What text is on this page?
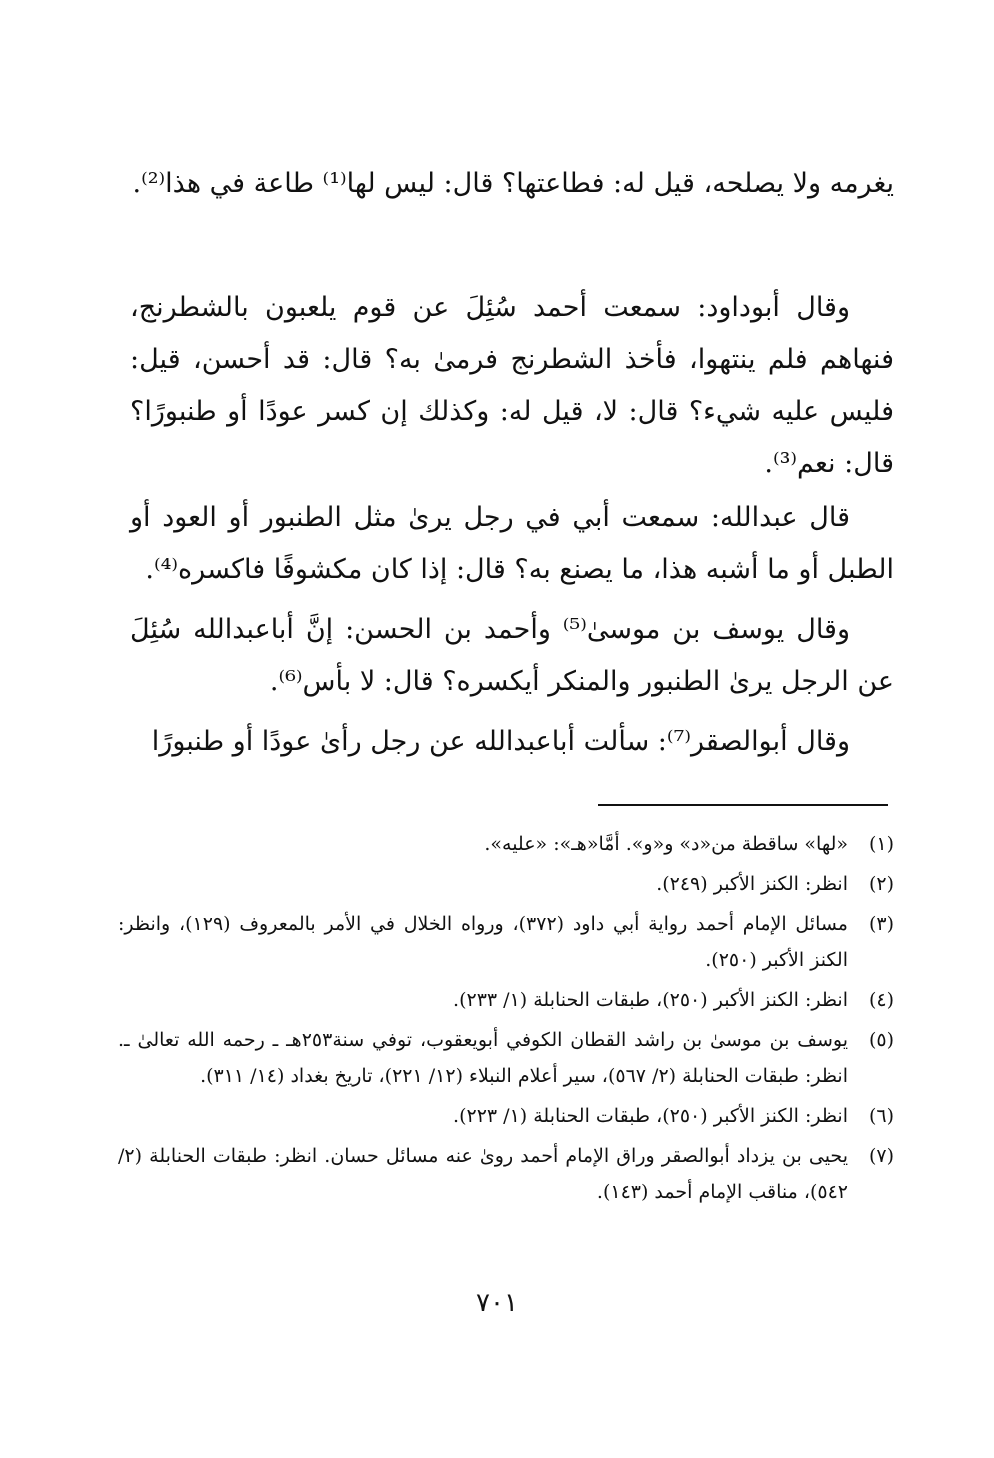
يغرمه ولا يصلحه، قيل له: فطاعتها؟ قال: ليس لها⁽¹⁾ طاعة في هذا⁽²⁾.

وقال أبوداود: سمعت أحمد سُئِلَ عن قوم يلعبون بالشطرنج، فنهاهم فلم ينتهوا، فأخذ الشطرنج فرمىٰ به؟ قال: قد أحسن، قيل: فليس عليه شيء؟ قال: لا، قيل له: وكذلك إن كسر عودًا أو طنبورًا؟ قال: نعم⁽³⁾.

قال عبدالله: سمعت أبي في رجل يرىٰ مثل الطنبور أو العود أو الطبل أو ما أشبه هذا، ما يصنع به؟ قال: إذا كان مكشوفًا فاكسره⁽⁴⁾.

وقال يوسف بن موسىٰ⁽⁵⁾ وأحمد بن الحسن: إنَّ أباعبدالله سُئِلَ عن الرجل يرىٰ الطنبور والمنكر أيكسره؟ قال: لا بأس⁽⁶⁾.

وقال أبوالصقر⁽⁷⁾: سألت أباعبدالله عن رجل رأىٰ عودًا أو طنبورًا

(١)
«لها» ساقطة من«د» و«و». أمَّا«هـ»: «عليه».
(٢)
انظر: الكنز الأكبر (٢٤٩).
(٣)
مسائل الإمام أحمد رواية أبي داود (٣٧٢)، ورواه الخلال في الأمر بالمعروف (١٢٩)، وانظر: الكنز الأكبر (٢٥٠).
(٤)
انظر: الكنز الأكبر (٢٥٠)، طبقات الحنابلة (١/ ٢٣٣).
(٥)
يوسف بن موسىٰ بن راشد القطان الكوفي أبويعقوب، توفي سنة٢٥٣هـ ـ رحمه الله تعالىٰ ـ. انظر: طبقات الحنابلة (٢/ ٥٦٧)، سير أعلام النبلاء (١٢/ ٢٢١)، تاريخ بغداد (١٤/ ٣١١).
(٦)
انظر: الكنز الأكبر (٢٥٠)، طبقات الحنابلة (١/ ٢٢٣).
(٧)
يحيى بن يزداد أبوالصقر وراق الإمام أحمد روىٰ عنه مسائل حسان. انظر: طبقات الحنابلة (٢/ ٥٤٢)، مناقب الإمام أحمد (١٤٣).
٧٠١
